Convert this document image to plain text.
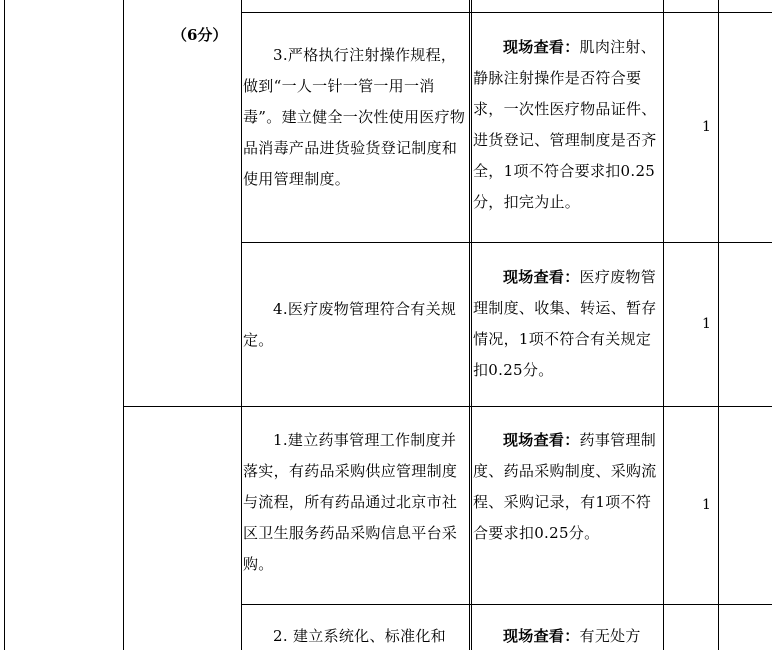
（6分）
3.严格执行注射操作规程，做到“一人一针一管一用一消毒”。建立健全一次性使用医疗物品消毒产品进货验货登记制度和使用管理制度。
现场查看：肌肉注射、静脉注射操作是否符合要求，一次性医疗物品证件、进货登记、管理制度是否齐全，1项不符合要求扣0.25分，扣完为止。
1
4.医疗废物管理符合有关规定。
现场查看：医疗废物管理制度、收集、转运、暂存情况，1项不符合有关规定扣0.25分。
1
1.建立药事管理工作制度并落实，有药品采购供应管理制度与流程，所有药品通过北京市社区卫生服务药品采购信息平台采购。
现场查看：药事管理制度、药品采购制度、采购流程、采购记录，有1项不符合要求扣0.25分。
1
2. 建立系统化、标准化和	现场查看：有无处方
